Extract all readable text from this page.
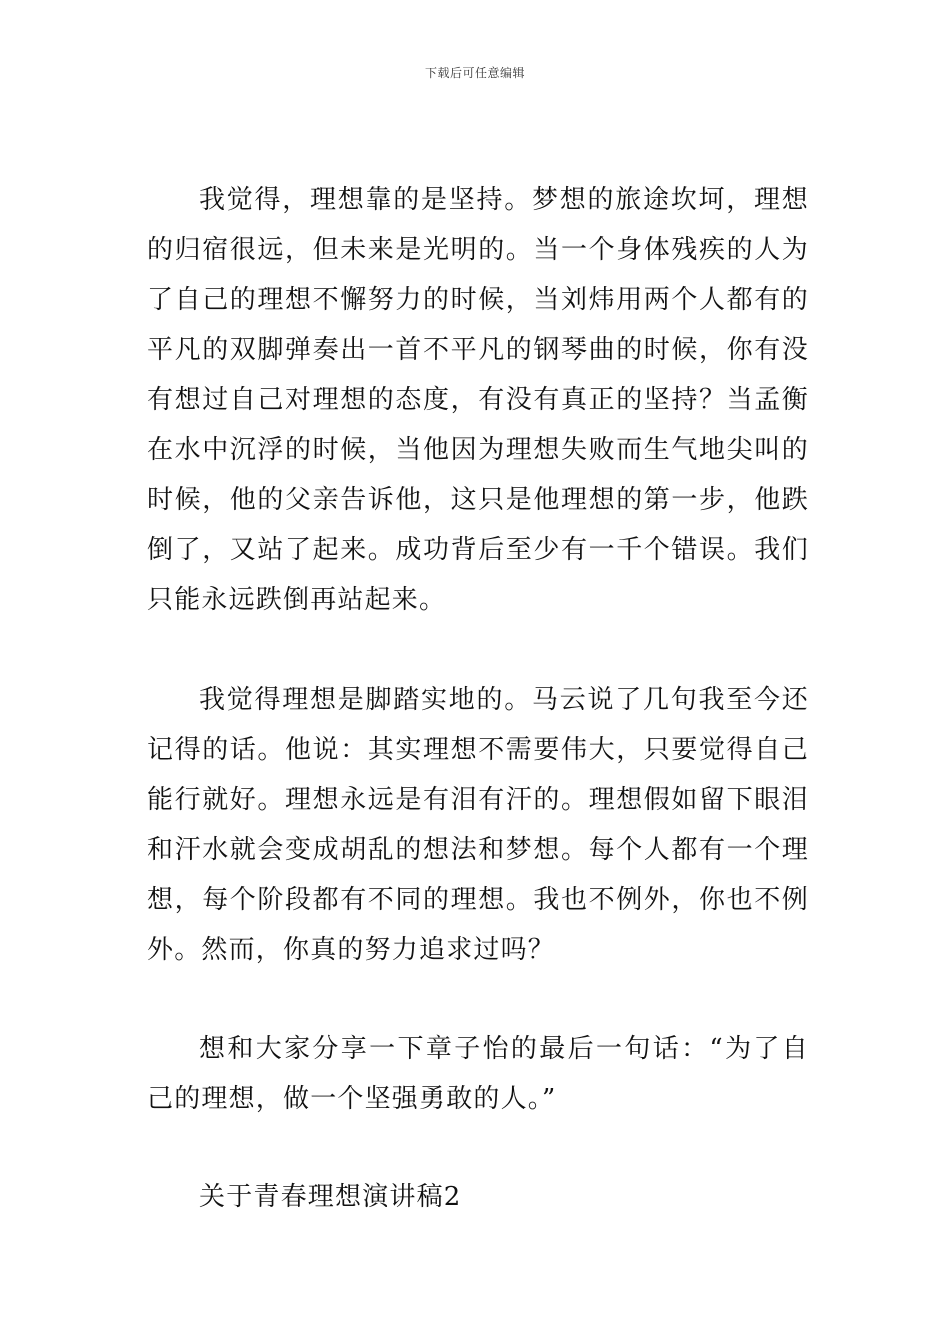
下载后可任意编辑

我觉得，理想靠的是坚持。梦想的旅途坎坷，理想的归宿很远，但未来是光明的。当一个身体残疾的人为了自己的理想不懈努力的时候，当刘炜用两个人都有的平凡的双脚弹奏出一首不平凡的钢琴曲的时候，你有没有想过自己对理想的态度，有没有真正的坚持？当孟衡在水中沉浮的时候，当他因为理想失败而生气地尖叫的时候，他的父亲告诉他，这只是他理想的第一步，他跌倒了，又站了起来。成功背后至少有一千个错误。我们只能永远跌倒再站起来。

我觉得理想是脚踏实地的。马云说了几句我至今还记得的话。他说：其实理想不需要伟大，只要觉得自己能行就好。理想永远是有泪有汗的。理想假如留下眼泪和汗水就会变成胡乱的想法和梦想。每个人都有一个理想，每个阶段都有不同的理想。我也不例外，你也不例外。然而，你真的努力追求过吗？

想和大家分享一下章子怡的最后一句话：“为了自己的理想，做一个坚强勇敢的人。”

关于青春理想演讲稿2
